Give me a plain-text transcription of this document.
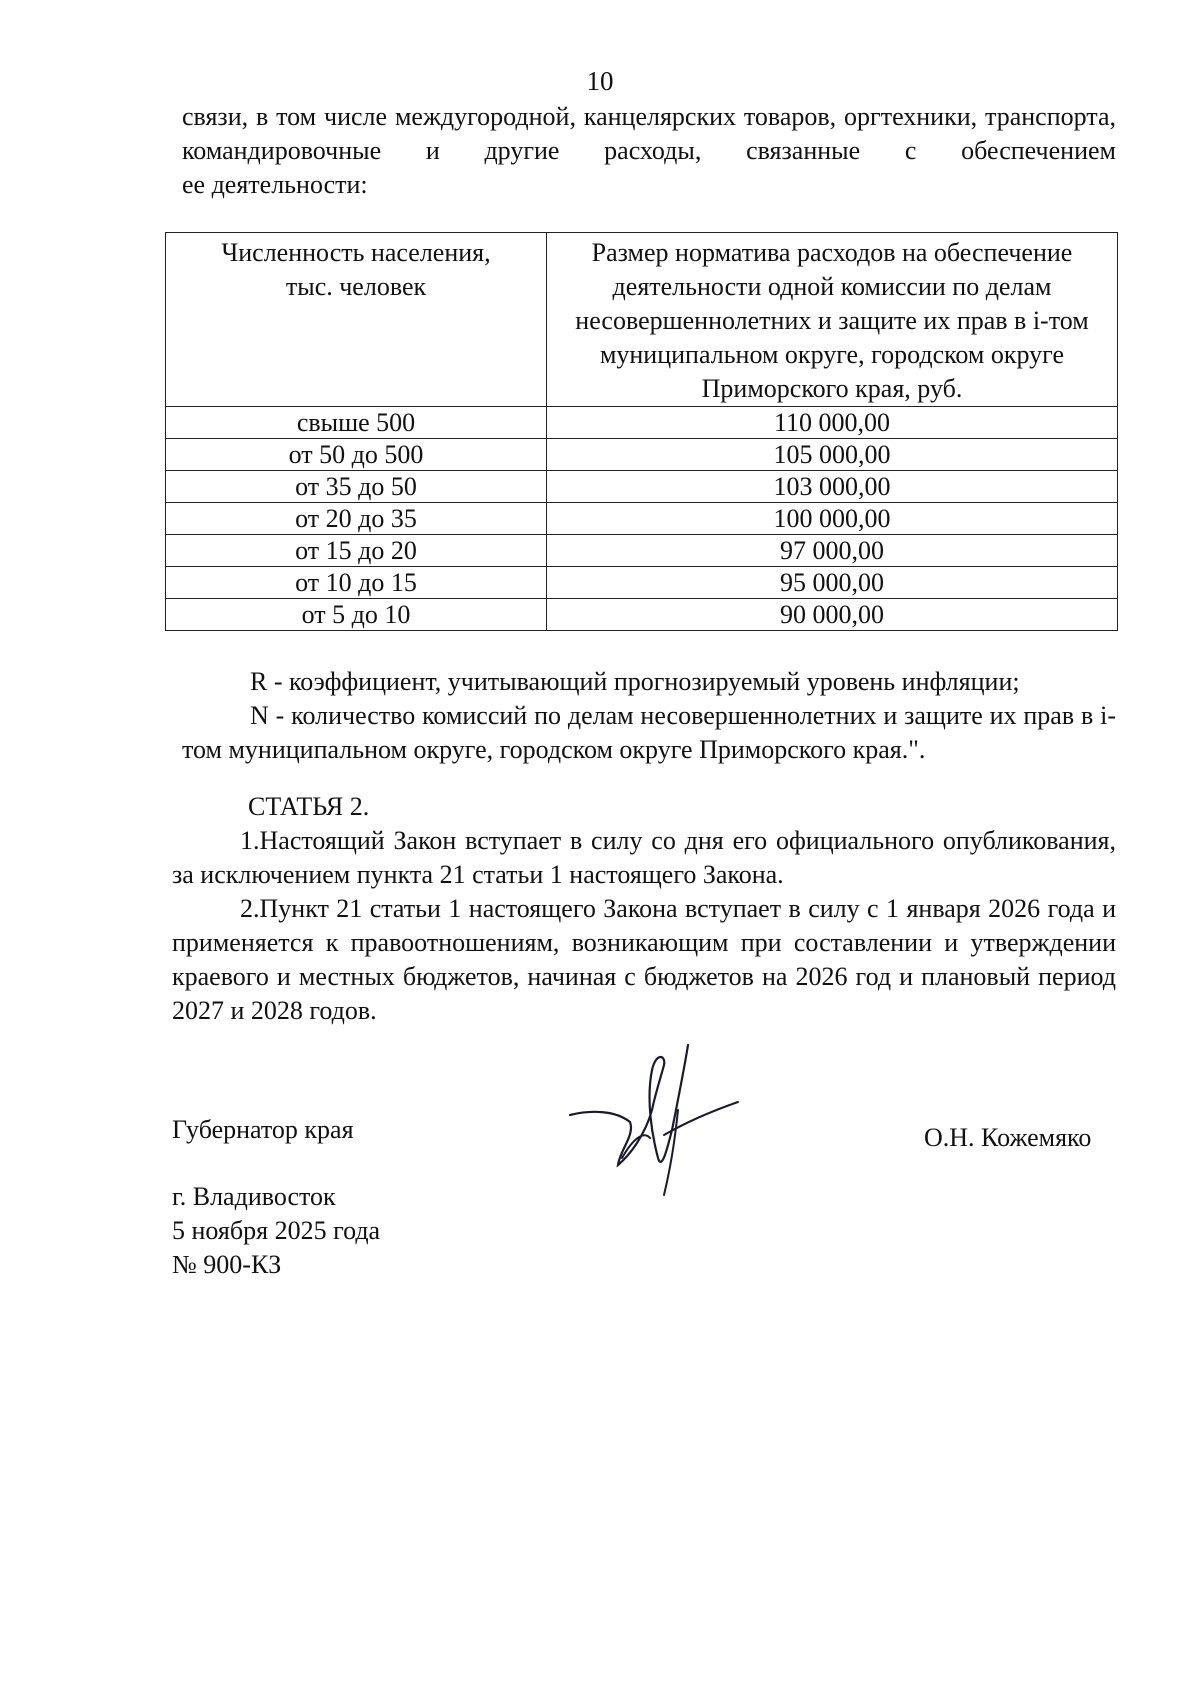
10
связи, в том числе междугородной, канцелярских товаров, оргтехники, транспорта, командировочные и другие расходы, связанные с обеспечением
ее деятельности:
Численность населения, тыс. человек	Размер норматива расходов на обеспечение деятельности одной комиссии по делам несовершеннолетних и защите их прав в i-том муниципальном округе, городском округе Приморского края, руб.

свыше 500	110 000,00
от 50 до 500	105 000,00
от 35 до 50	103 000,00
от 20 до 35	100 000,00
от 15 до 20	97 000,00
от 10 до 15	95 000,00
от 5 до 10	90 000,00

R - коэффициент, учитывающий прогнозируемый уровень инфляции;

N - количество комиссий по делам несовершеннолетних и защите их прав в i-том муниципальном округе, городском округе Приморского края.".

СТАТЬЯ 2.

1.Настоящий Закон вступает в силу со дня его официального опубликования, за исключением пункта 21 статьи 1 настоящего Закона.

2.Пункт 21 статьи 1 настоящего Закона вступает в силу с 1 января 2026 года и применяется к правоотношениям, возникающим при составлении и утверждении краевого и местных бюджетов, начиная с бюджетов на 2026 год и плановый период 2027 и 2028 годов.

Губернатор края	О.Н. Кожемяко
г. Владивосток
5 ноября 2025 года
№ 900-КЗ
